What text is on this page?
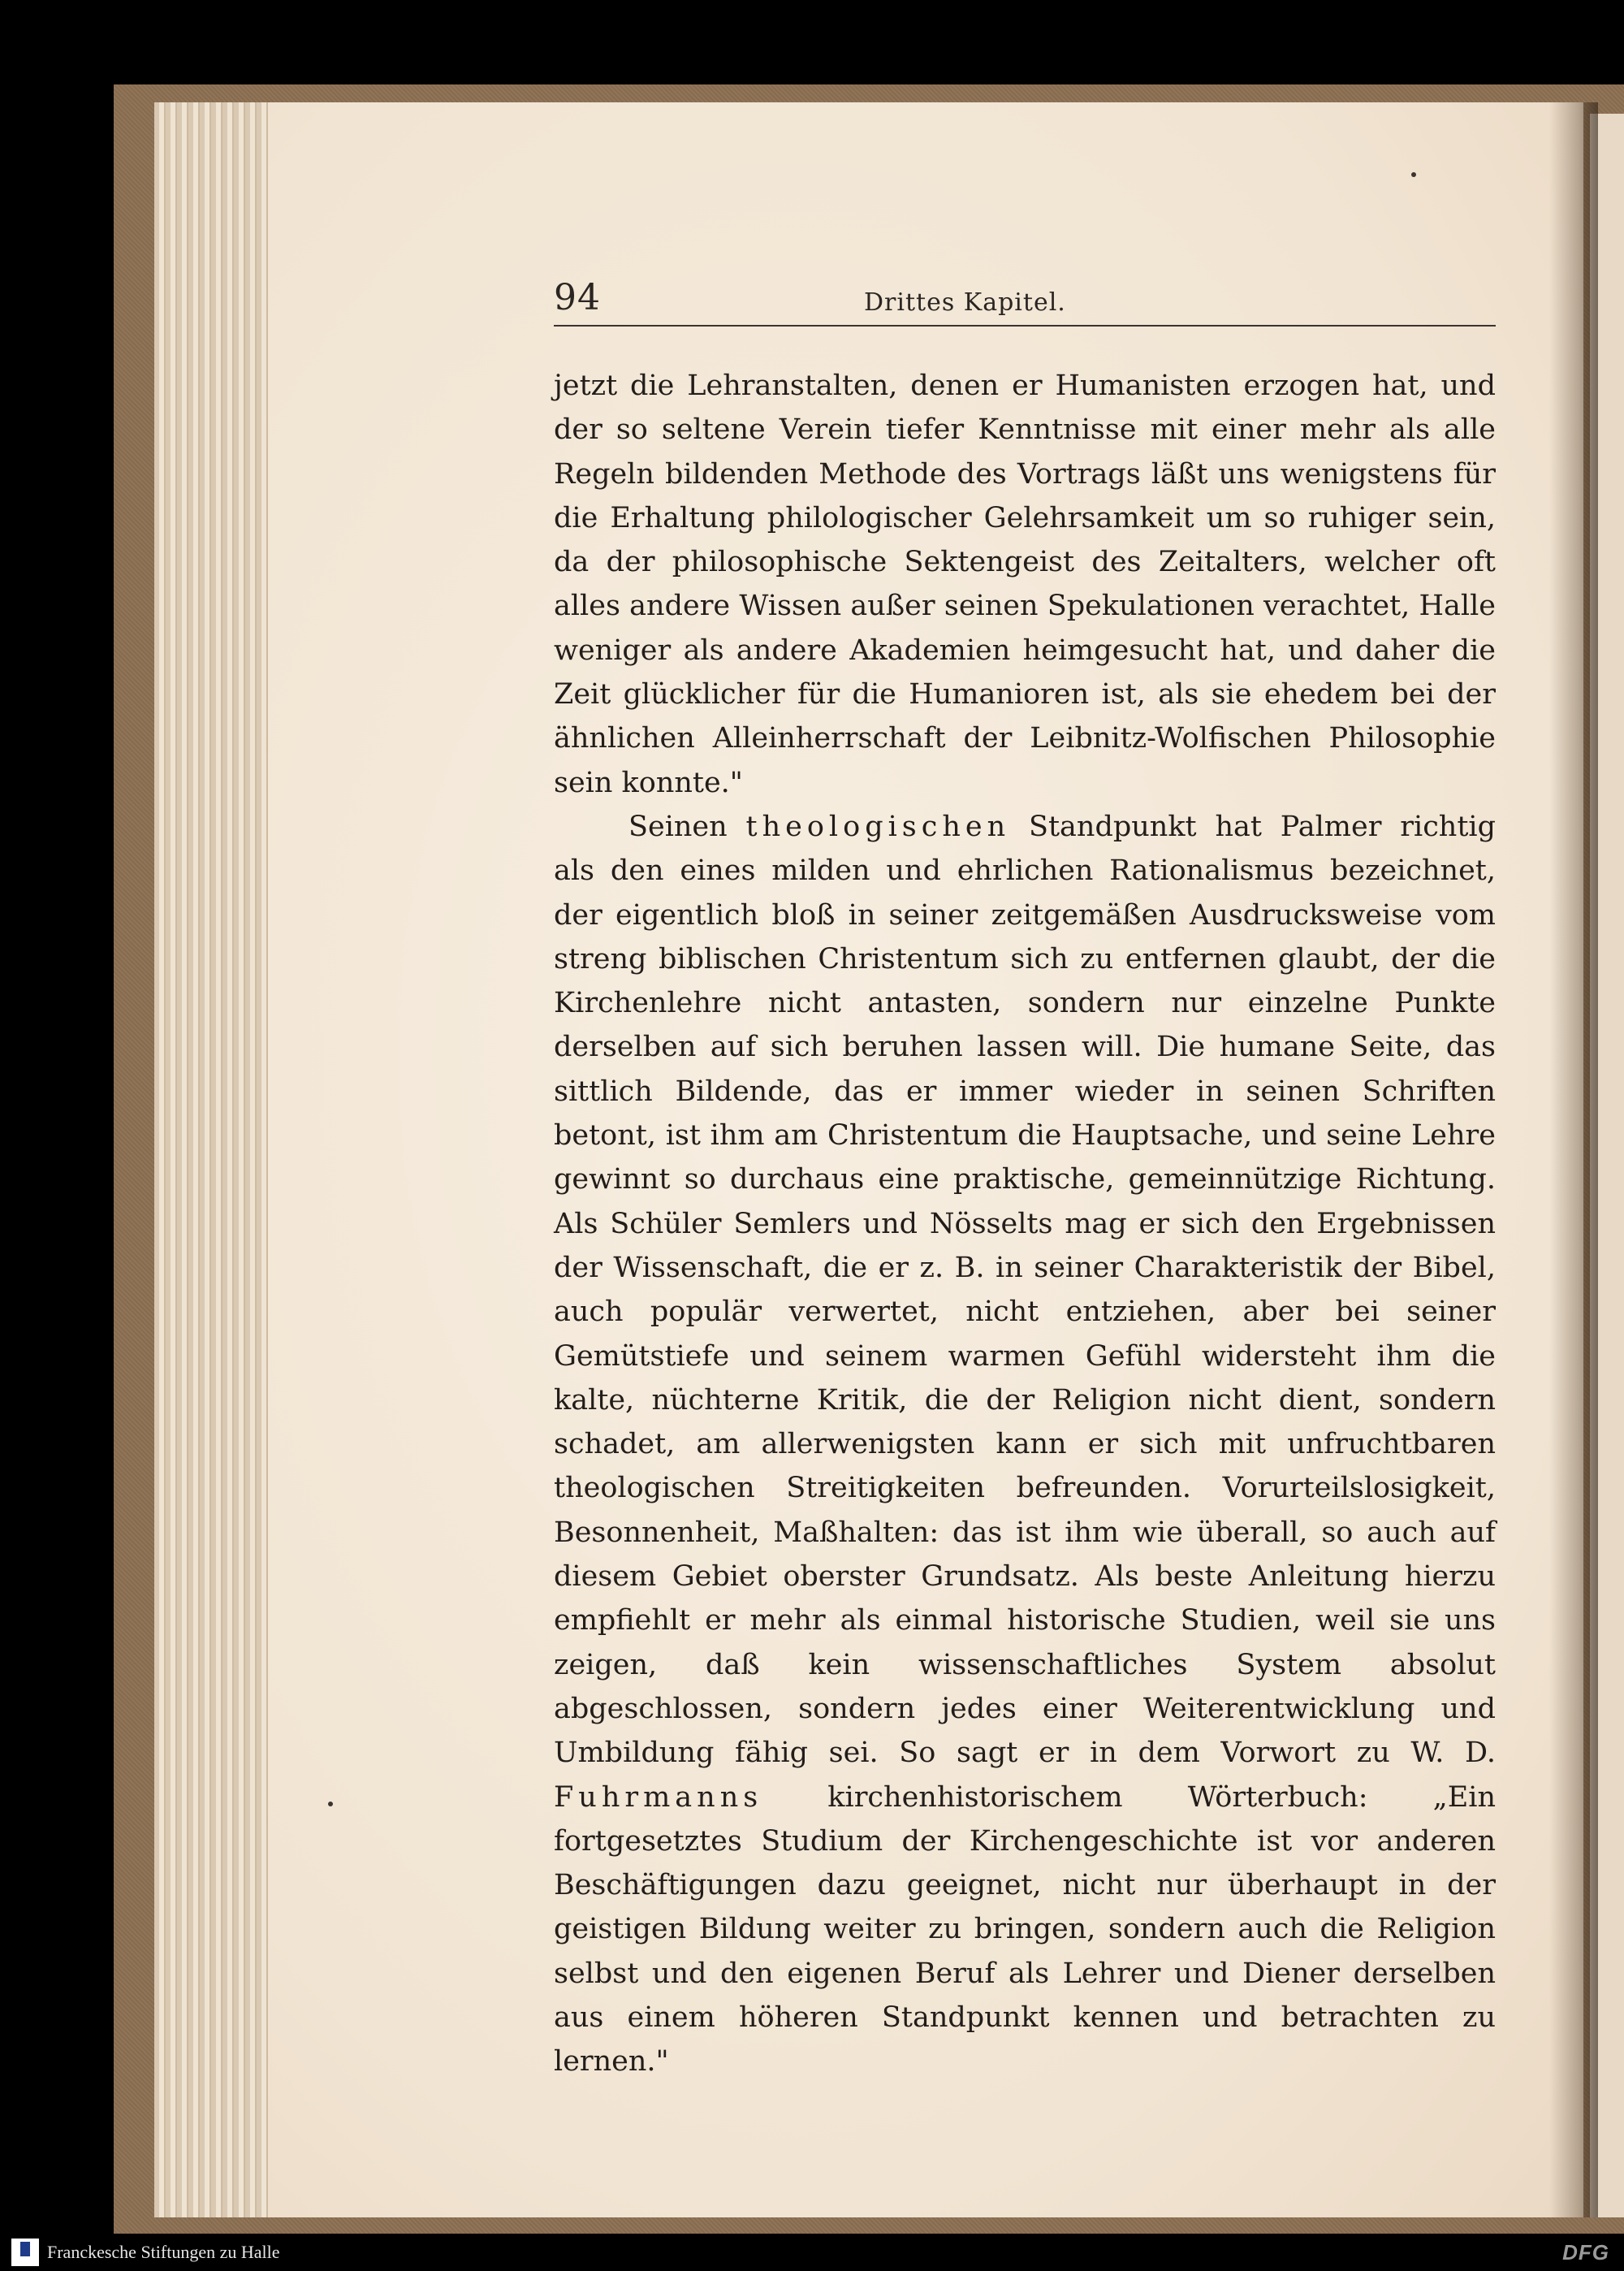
94	Drittes Kapitel.

jetzt die Lehranstalten, denen er Humanisten erzogen hat, und der so seltene Verein tiefer Kenntnisse mit einer mehr als alle Regeln bildenden Methode des Vortrags läßt uns wenigstens für die Erhaltung philologischer Gelehrsamkeit um so ruhiger sein, da der philosophische Sektengeist des Zeitalters, welcher oft alles andere Wissen außer seinen Spekulationen verachtet, Halle weniger als andere Akademien heimgesucht hat, und daher die Zeit glücklicher für die Humanioren ist, als sie ehedem bei der ähnlichen Alleinherrschaft der Leibnitz-Wolfischen Philosophie sein konnte."

Seinen theologischen Standpunkt hat Palmer richtig als den eines milden und ehrlichen Rationalismus bezeichnet, der eigentlich bloß in seiner zeitgemäßen Ausdrucksweise vom streng biblischen Christentum sich zu entfernen glaubt, der die Kirchenlehre nicht antasten, sondern nur einzelne Punkte derselben auf sich beruhen lassen will. Die humane Seite, das sittlich Bildende, das er immer wieder in seinen Schriften betont, ist ihm am Christentum die Hauptsache, und seine Lehre gewinnt so durchaus eine praktische, gemeinnützige Richtung. Als Schüler Semlers und Nösselts mag er sich den Ergebnissen der Wissenschaft, die er z. B. in seiner Charakteristik der Bibel, auch populär verwertet, nicht entziehen, aber bei seiner Gemütstiefe und seinem warmen Gefühl widersteht ihm die kalte, nüchterne Kritik, die der Religion nicht dient, sondern schadet, am allerwenigsten kann er sich mit unfruchtbaren theologischen Streitigkeiten befreunden. Vorurteilslosigkeit, Besonnenheit, Maßhalten: das ist ihm wie überall, so auch auf diesem Gebiet oberster Grundsatz. Als beste Anleitung hierzu empfiehlt er mehr als einmal historische Studien, weil sie uns zeigen, daß kein wissenschaftliches System absolut abgeschlossen, sondern jedes einer Weiterentwicklung und Umbildung fähig sei. So sagt er in dem Vorwort zu W. D. Fuhrmanns kirchenhistorischem Wörterbuch: „Ein fortgesetztes Studium der Kirchengeschichte ist vor anderen Beschäftigungen dazu geeignet, nicht nur überhaupt in der geistigen Bildung weiter zu bringen, sondern auch die Religion selbst und den eigenen Beruf als Lehrer und Diener derselben aus einem höheren Standpunkt kennen und betrachten zu lernen."

Franckesche Stiftungen zu Halle	DFG
